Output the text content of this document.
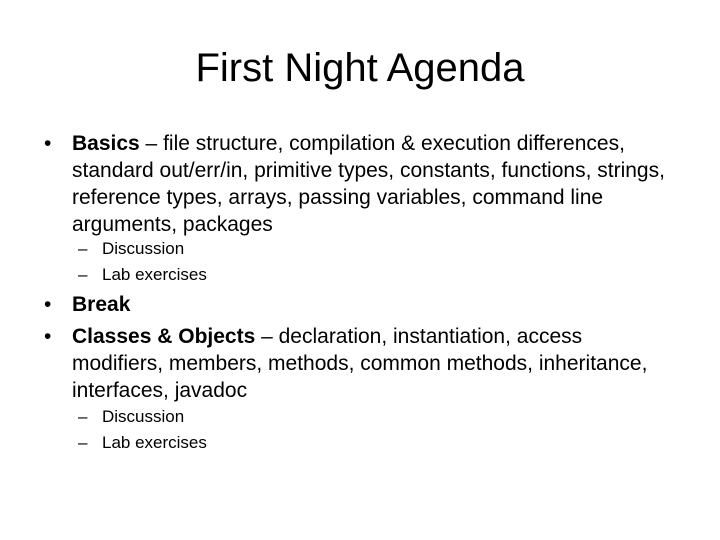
First Night Agenda
• Basics – file structure, compilation & execution differences, standard out/err/in, primitive types, constants, functions, strings, reference types, arrays, passing variables, command line arguments, packages
– Discussion
– Lab exercises
• Break
• Classes & Objects – declaration, instantiation, access modifiers, members, methods, common methods, inheritance, interfaces, javadoc
– Discussion
– Lab exercises
